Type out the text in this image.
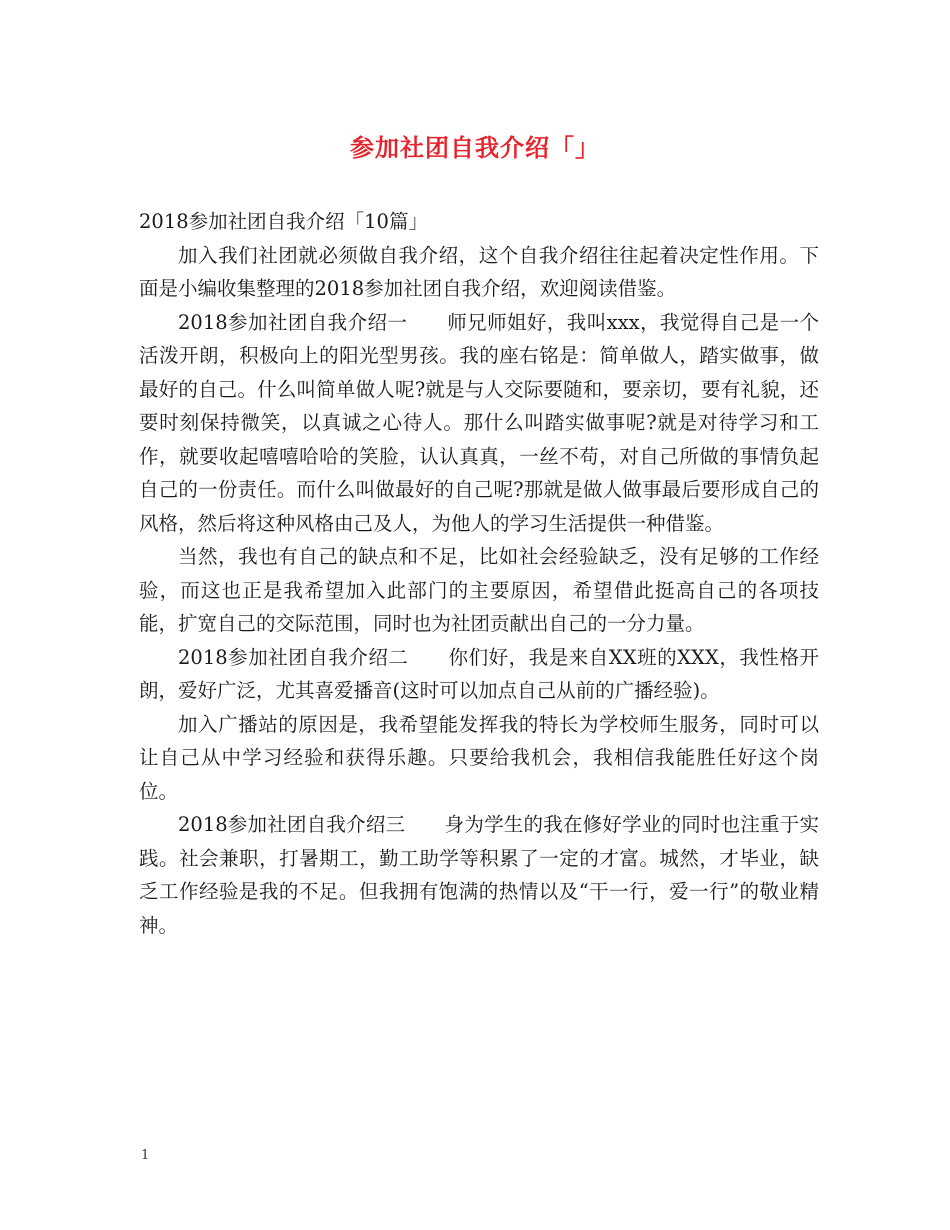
参加社团自我介绍「」

2018参加社团自我介绍「10篇」

加入我们社团就必须做自我介绍，这个自我介绍往往起着决定性作用。下面是小编收集整理的2018参加社团自我介绍，欢迎阅读借鉴。

2018参加社团自我介绍一　　师兄师姐好，我叫xxx，我觉得自己是一个活泼开朗，积极向上的阳光型男孩。我的座右铭是：简单做人，踏实做事，做最好的自己。什么叫简单做人呢?就是与人交际要随和，要亲切，要有礼貌，还要时刻保持微笑，以真诚之心待人。那什么叫踏实做事呢?就是对待学习和工作，就要收起嘻嘻哈哈的笑脸，认认真真，一丝不苟，对自己所做的事情负起自己的一份责任。而什么叫做最好的自己呢?那就是做人做事最后要形成自己的风格，然后将这种风格由己及人，为他人的学习生活提供一种借鉴。

当然，我也有自己的缺点和不足，比如社会经验缺乏，没有足够的工作经验，而这也正是我希望加入此部门的主要原因，希望借此挺高自己的各项技能，扩宽自己的交际范围，同时也为社团贡献出自己的一分力量。

2018参加社团自我介绍二　　你们好，我是来自XX班的XXX，我性格开朗，爱好广泛，尤其喜爱播音(这时可以加点自己从前的广播经验)。

加入广播站的原因是，我希望能发挥我的特长为学校师生服务，同时可以让自己从中学习经验和获得乐趣。只要给我机会，我相信我能胜任好这个岗位。

2018参加社团自我介绍三　　身为学生的我在修好学业的同时也注重于实践。社会兼职，打暑期工，勤工助学等积累了一定的才富。城然，才毕业，缺乏工作经验是我的不足。但我拥有饱满的热情以及“干一行，爱一行”的敬业精神。

1
